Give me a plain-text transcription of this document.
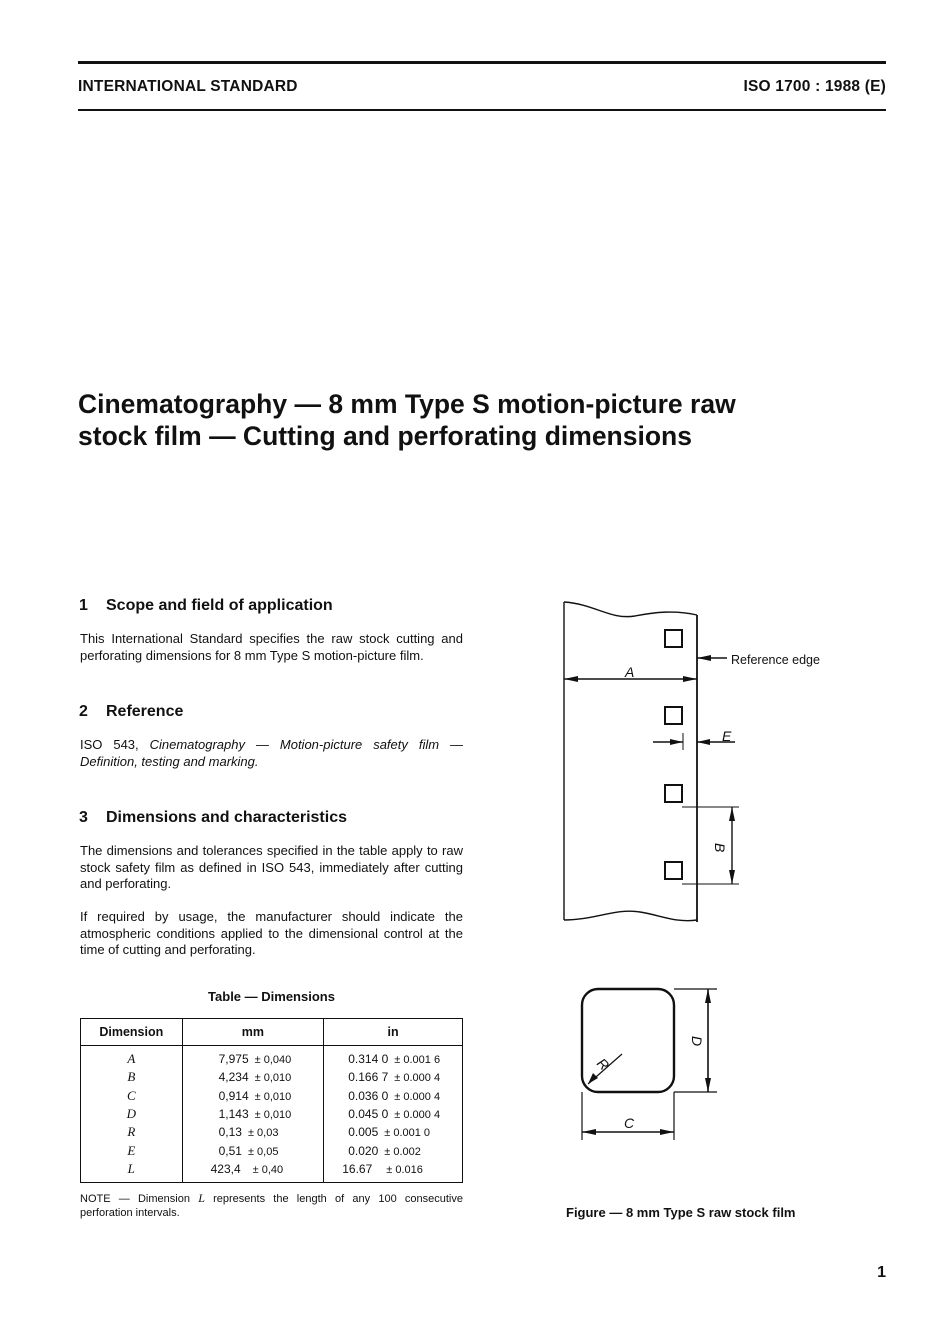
INTERNATIONAL STANDARD	ISO 1700 : 1988 (E)
Cinematography — 8 mm Type S motion-picture raw
stock film — Cutting and perforating dimensions
1 Scope and field of application
This International Standard specifies the raw stock cutting and perforating dimensions for 8 mm Type S motion-picture film.
2 Reference
ISO 543, Cinematography — Motion-picture safety film — Definition, testing and marking.
3 Dimensions and characteristics
The dimensions and tolerances specified in the table apply to raw stock safety film as defined in ISO 543, immediately after cutting and perforating.
If required by usage, the manufacturer should indicate the atmospheric conditions applied to the dimensional control at the time of cutting and perforating.
Table — Dimensions
Dimension	mm	in
A	7,975 ± 0,040	0.314 0 ± 0.001 6
B	4,234 ± 0,010	0.166 7 ± 0.000 4
C	0,914 ± 0,010	0.036 0 ± 0.000 4
D	1,143 ± 0,010	0.045 0 ± 0.000 4
R	0,13 ± 0,03	0.005 ± 0.001 0
E	0,51 ± 0,05	0.020 ± 0.002
L	423,4 ± 0,40	16.67 ± 0.016
NOTE — Dimension L represents the length of any 100 consecutive perforation intervals.
Reference edge
A
E
B
C
D
R
Figure — 8 mm Type S raw stock film
1
